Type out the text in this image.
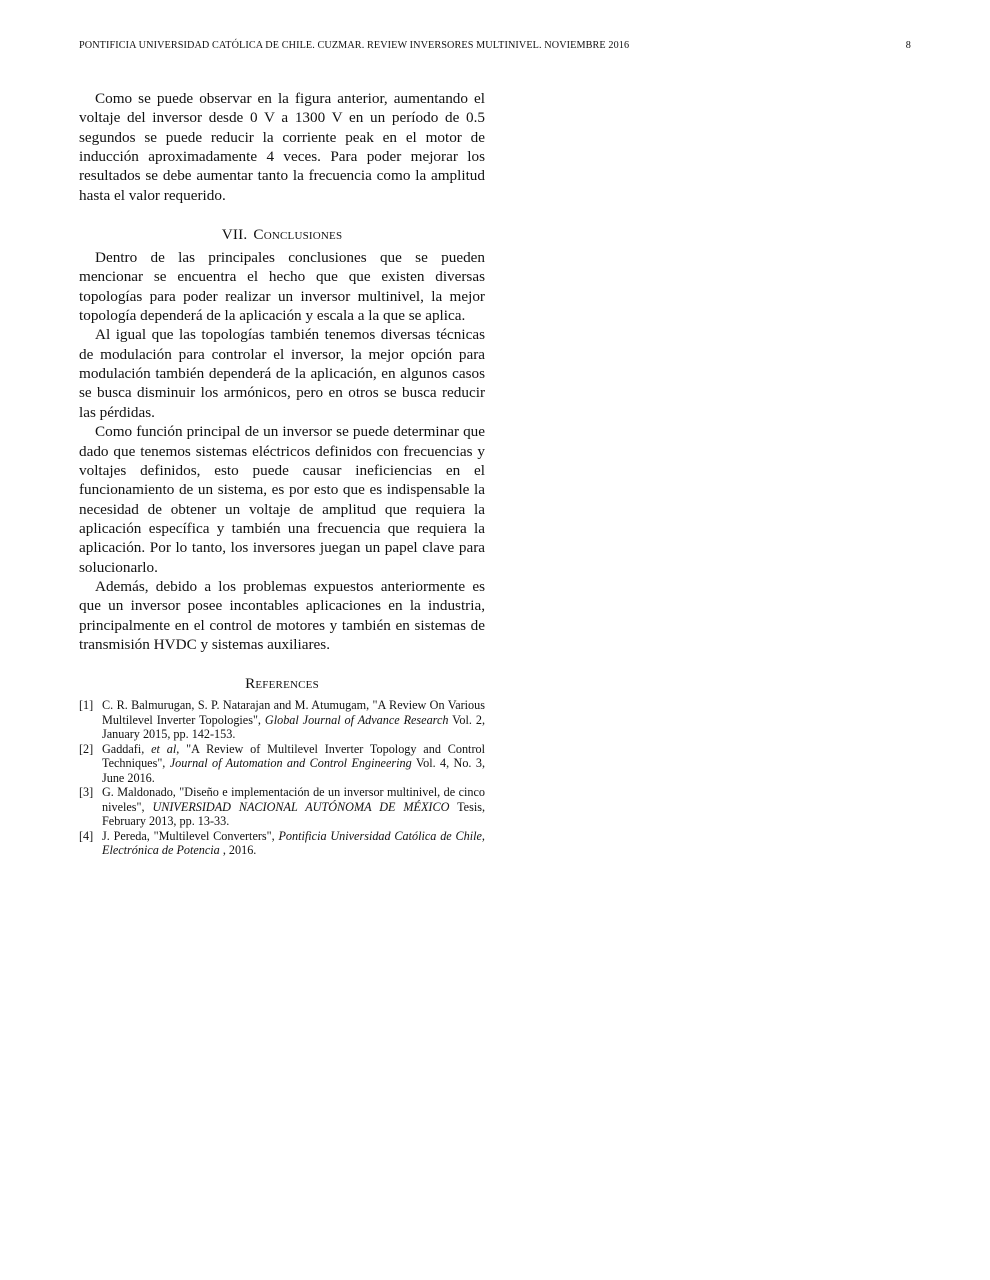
PONTIFICIA UNIVERSIDAD CATÓLICA DE CHILE. CUZMAR. REVIEW INVERSORES MULTINIVEL. NOVIEMBRE 2016	8

Como se puede observar en la figura anterior, aumentando el voltaje del inversor desde 0 V a 1300 V en un período de 0.5 segundos se puede reducir la corriente peak en el motor de inducción aproximadamente 4 veces. Para poder mejorar los resultados se debe aumentar tanto la frecuencia como la amplitud hasta el valor requerido.

VII. Conclusiones

Dentro de las principales conclusiones que se pueden mencionar se encuentra el hecho que que existen diversas topologías para poder realizar un inversor multinivel, la mejor topología dependerá de la aplicación y escala a la que se aplica.

Al igual que las topologías también tenemos diversas técnicas de modulación para controlar el inversor, la mejor opción para modulación también dependerá de la aplicación, en algunos casos se busca disminuir los armónicos, pero en otros se busca reducir las pérdidas.

Como función principal de un inversor se puede determinar que dado que tenemos sistemas eléctricos definidos con frecuencias y voltajes definidos, esto puede causar ineficiencias en el funcionamiento de un sistema, es por esto que es indispensable la necesidad de obtener un voltaje de amplitud que requiera la aplicación específica y también una frecuencia que requiera la aplicación. Por lo tanto, los inversores juegan un papel clave para solucionarlo.

Además, debido a los problemas expuestos anteriormente es que un inversor posee incontables aplicaciones en la industria, principalmente en el control de motores y también en sistemas de transmisión HVDC y sistemas auxiliares.

References
[1] C. R. Balmurugan, S. P. Natarajan and M. Atumugam, "A Review On Various Multilevel Inverter Topologies", Global Journal of Advance Research Vol. 2, January 2015, pp. 142-153.
[2] Gaddafi, et al, "A Review of Multilevel Inverter Topology and Control Techniques", Journal of Automation and Control Engineering Vol. 4, No. 3, June 2016.
[3] G. Maldonado, "Diseño e implementación de un inversor multinivel, de cinco niveles", UNIVERSIDAD NACIONAL AUTÓNOMA DE MÉXICO Tesis, February 2013, pp. 13-33.
[4] J. Pereda, "Multilevel Converters", Pontificia Universidad Católica de Chile, Electrónica de Potencia , 2016.
